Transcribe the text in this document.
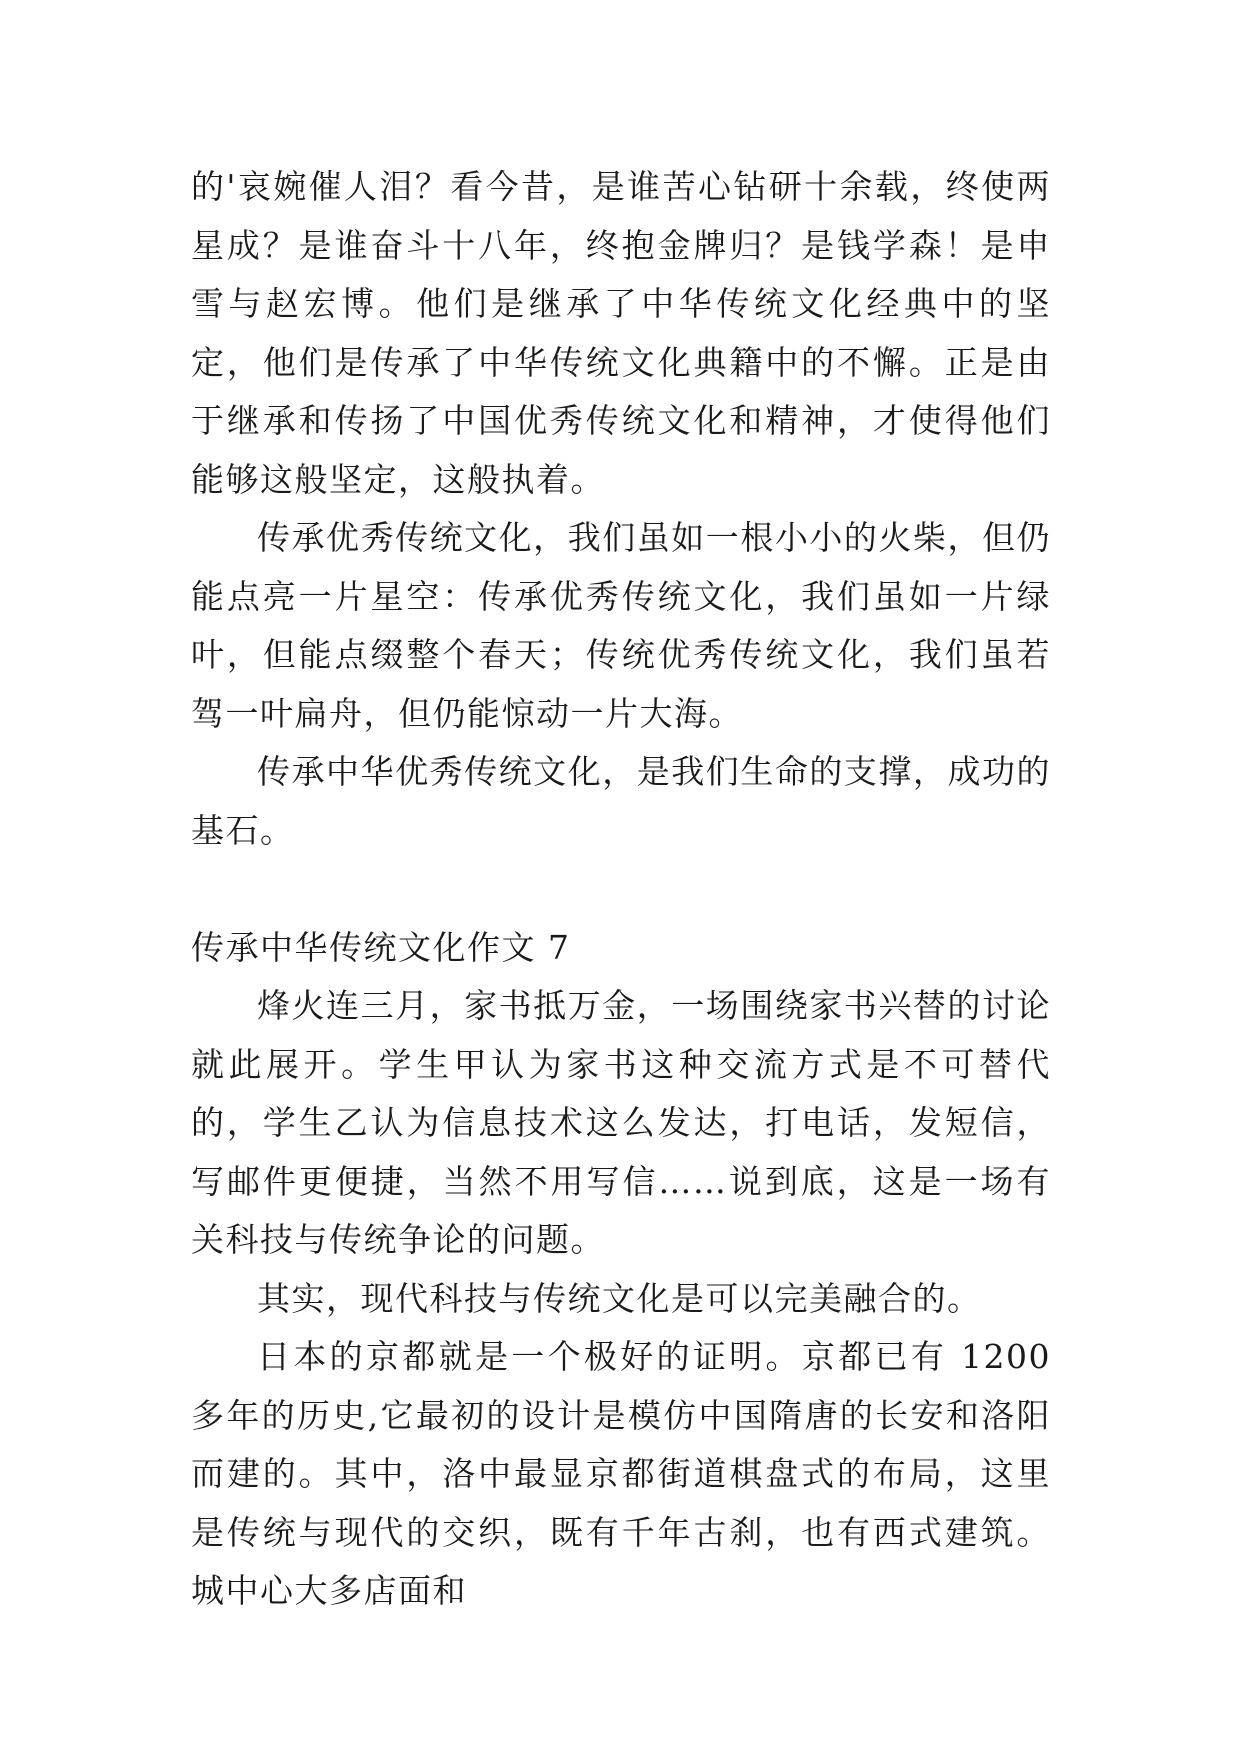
的'哀婉催人泪？看今昔，是谁苦心钻研十余载，终使两星成？是谁奋斗十八年，终抱金牌归？是钱学森！是申雪与赵宏博。他们是继承了中华传统文化经典中的坚定，他们是传承了中华传统文化典籍中的不懈。正是由于继承和传扬了中国优秀传统文化和精神，才使得他们能够这般坚定，这般执着。

传承优秀传统文化，我们虽如一根小小的火柴，但仍能点亮一片星空：传承优秀传统文化，我们虽如一片绿叶，但能点缀整个春天；传统优秀传统文化，我们虽若驾一叶扁舟，但仍能惊动一片大海。

传承中华优秀传统文化，是我们生命的支撑，成功的基石。

传承中华传统文化作文 7

烽火连三月，家书抵万金，一场围绕家书兴替的讨论就此展开。学生甲认为家书这种交流方式是不可替代的，学生乙认为信息技术这么发达，打电话，发短信，写邮件更便捷，当然不用写信……说到底，这是一场有关科技与传统争论的问题。

其实，现代科技与传统文化是可以完美融合的。

日本的京都就是一个极好的证明。京都已有 1200 多年的历史,它最初的设计是模仿中国隋唐的长安和洛阳而建的。其中，洛中最显京都街道棋盘式的布局，这里是传统与现代的交织，既有千年古刹，也有西式建筑。城中心大多店面和
